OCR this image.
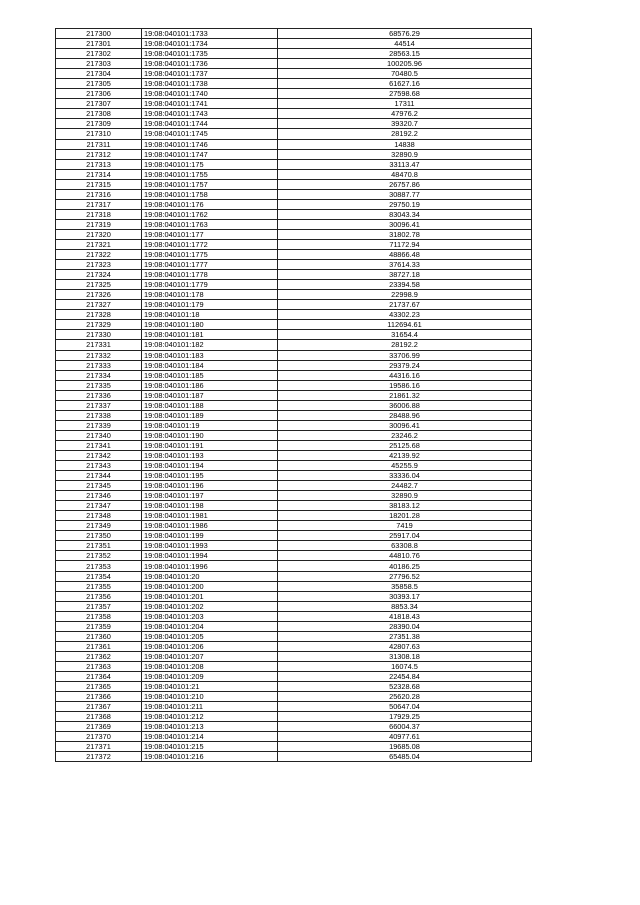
217300	19:08:040101:1733	68576.29
217301	19:08:040101:1734	44514
217302	19:08:040101:1735	28563.15
217303	19:08:040101:1736	100205.96
217304	19:08:040101:1737	70480.5
217305	19:08:040101:1738	61627.16
217306	19:08:040101:1740	27598.68
217307	19:08:040101:1741	17311
217308	19:08:040101:1743	47976.2
217309	19:08:040101:1744	39320.7
217310	19:08:040101:1745	28192.2
217311	19:08:040101:1746	14838
217312	19:08:040101:1747	32890.9
217313	19:08:040101:175	33113.47
217314	19:08:040101:1755	48470.8
217315	19:08:040101:1757	26757.86
217316	19:08:040101:1758	30887.77
217317	19:08:040101:176	29750.19
217318	19:08:040101:1762	83043.34
217319	19:08:040101:1763	30096.41
217320	19:08:040101:177	31802.78
217321	19:08:040101:1772	71172.94
217322	19:08:040101:1775	48866.48
217323	19:08:040101:1777	37614.33
217324	19:08:040101:1778	38727.18
217325	19:08:040101:1779	23394.58
217326	19:08:040101:178	22998.9
217327	19:08:040101:179	21737.67
217328	19:08:040101:18	43302.23
217329	19:08:040101:180	112694.61
217330	19:08:040101:181	31654.4
217331	19:08:040101:182	28192.2
217332	19:08:040101:183	33706.99
217333	19:08:040101:184	29379.24
217334	19:08:040101:185	44316.16
217335	19:08:040101:186	19586.16
217336	19:08:040101:187	21861.32
217337	19:08:040101:188	36006.88
217338	19:08:040101:189	28488.96
217339	19:08:040101:19	30096.41
217340	19:08:040101:190	23246.2
217341	19:08:040101:191	25125.68
217342	19:08:040101:193	42139.92
217343	19:08:040101:194	45255.9
217344	19:08:040101:195	33336.04
217345	19:08:040101:196	24482.7
217346	19:08:040101:197	32890.9
217347	19:08:040101:198	38183.12
217348	19:08:040101:1981	18201.28
217349	19:08:040101:1986	7419
217350	19:08:040101:199	25917.04
217351	19:08:040101:1993	63308.8
217352	19:08:040101:1994	44810.76
217353	19:08:040101:1996	40186.25
217354	19:08:040101:20	27796.52
217355	19:08:040101:200	35858.5
217356	19:08:040101:201	30393.17
217357	19:08:040101:202	8853.34
217358	19:08:040101:203	41818.43
217359	19:08:040101:204	28390.04
217360	19:08:040101:205	27351.38
217361	19:08:040101:206	42807.63
217362	19:08:040101:207	31308.18
217363	19:08:040101:208	16074.5
217364	19:08:040101:209	22454.84
217365	19:08:040101:21	52328.68
217366	19:08:040101:210	25620.28
217367	19:08:040101:211	50647.04
217368	19:08:040101:212	17929.25
217369	19:08:040101:213	66004.37
217370	19:08:040101:214	40977.61
217371	19:08:040101:215	19685.08
217372	19:08:040101:216	65485.04
